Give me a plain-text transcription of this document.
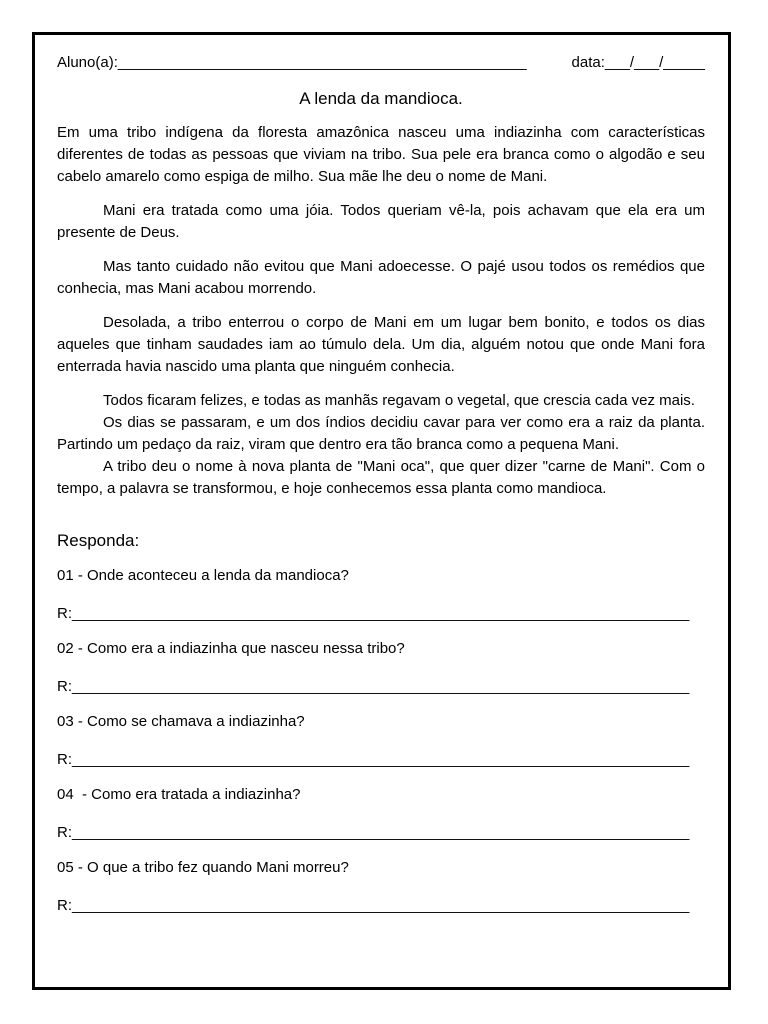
Aluno(a):_________________________________________________	data:___/___/_____
A lenda da mandioca.

Em uma tribo indígena da floresta amazônica nasceu uma indiazinha com características diferentes de todas as pessoas que viviam na tribo. Sua pele era branca como o algodão e seu cabelo amarelo como espiga de milho. Sua mãe lhe deu o nome de Mani.

Mani era tratada como uma jóia. Todos queriam vê-la, pois achavam que ela era um presente de Deus.

Mas tanto cuidado não evitou que Mani adoecesse. O pajé usou todos os remédios que conhecia, mas Mani acabou morrendo.

Desolada, a tribo enterrou o corpo de Mani em um lugar bem bonito, e todos os dias aqueles que tinham saudades iam ao túmulo dela. Um dia, alguém notou que onde Mani fora enterrada havia nascido uma planta que ninguém conhecia.

Todos ficaram felizes, e todas as manhãs regavam o vegetal, que crescia cada vez mais.

Os dias se passaram, e um dos índios decidiu cavar para ver como era a raiz da planta. Partindo um pedaço da raiz, viram que dentro era tão branca como a pequena Mani.

A tribo deu o nome à nova planta de "Mani oca", que quer dizer "carne de Mani". Com o tempo, a palavra se transformou, e hoje conhecemos essa planta como mandioca.

Responda:
01 - Onde aconteceu a lenda da mandioca?
R:__________________________________________________________________________
02 - Como era a indiazinha que nasceu nessa tribo?
R:__________________________________________________________________________
03 - Como se chamava a indiazinha?
R:__________________________________________________________________________
04  - Como era tratada a indiazinha?
R:__________________________________________________________________________
05 - O que a tribo fez quando Mani morreu?
R:__________________________________________________________________________
